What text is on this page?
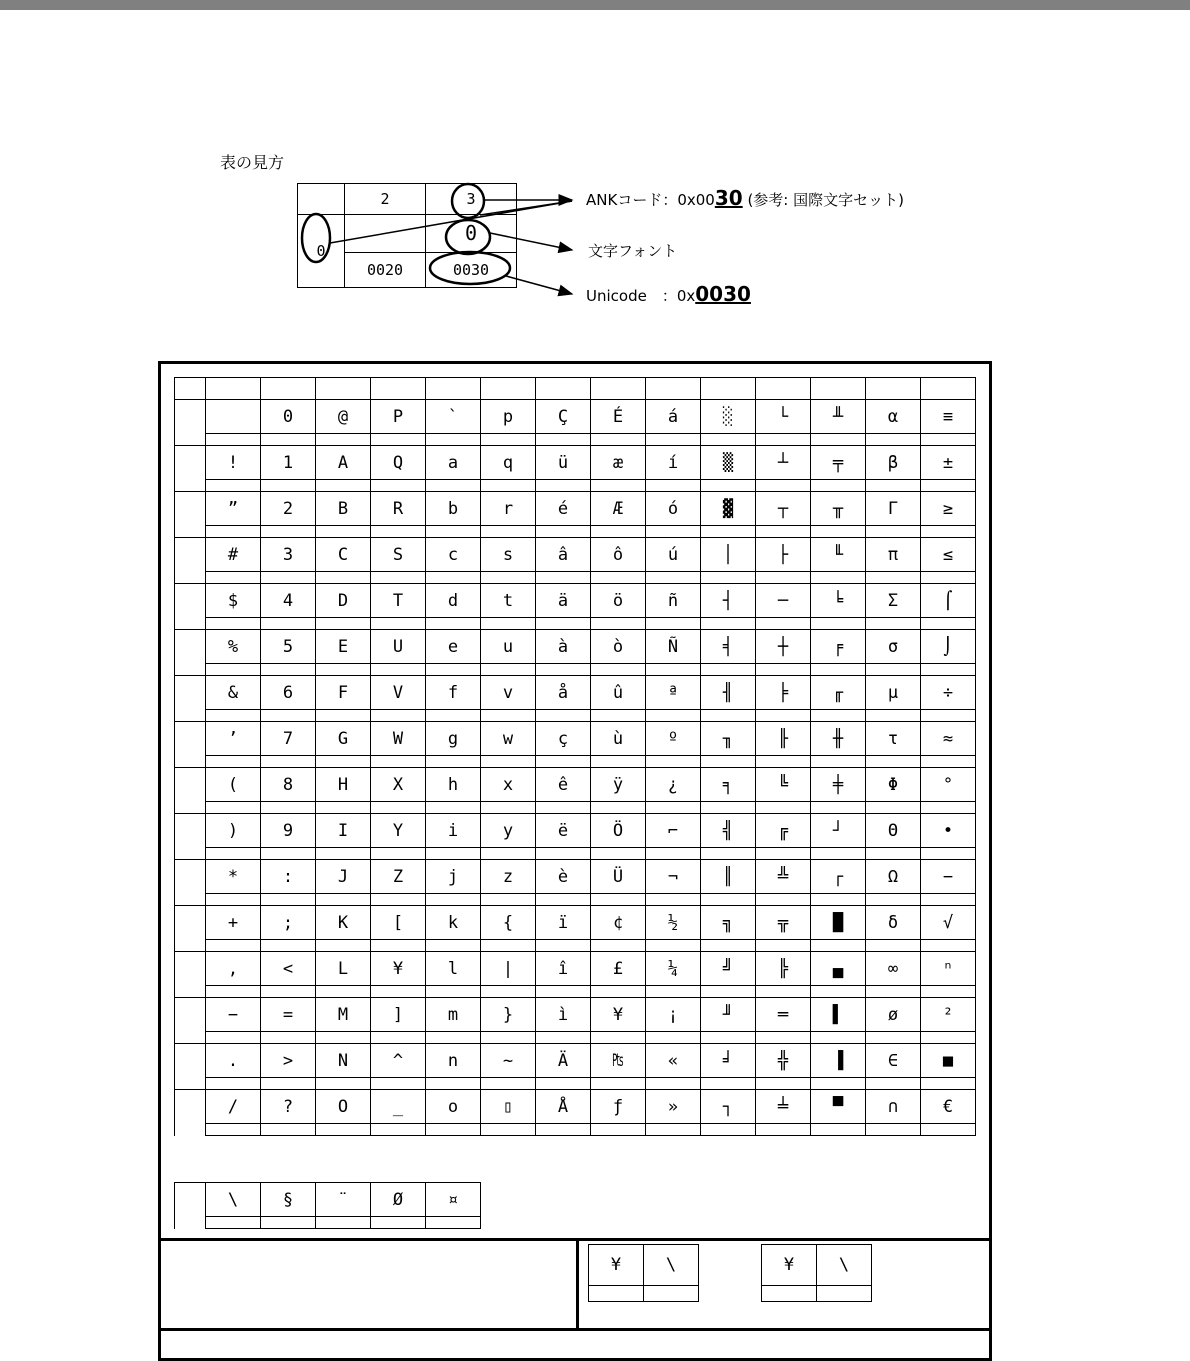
表の見方
	2	3
0		0
	0020	0030
ANKコード：0x0030 (参考: 国際文字セット)
文字フォント
Unicode　：0x0030

		0	@	P	`	p	Ç	É	á	░	└	╨	α	≡

	!	1	A	Q	a	q	ü	æ	í	▒	┴	╤	β	±

	”	2	B	R	b	r	é	Æ	ó	▓	┬	╥	Γ	≥

	#	3	C	S	c	s	â	ô	ú	│	├	╙	π	≤

	$	4	D	T	d	t	ä	ö	ñ	┤	─	╘	Σ	⌠

	%	5	E	U	e	u	à	ò	Ñ	╡	┼	╒	σ	⌡

	&	6	F	V	f	v	å	û	ª	╢	╞	╓	µ	÷

	’	7	G	W	g	w	ç	ù	º	╖	╟	╫	τ	≈

	(	8	H	X	h	x	ê	ÿ	¿	╕	╚	╪	Φ	°

	)	9	I	Y	i	y	ë	Ö	⌐	╣	╔	┘	Θ	•

	*	:	J	Z	j	z	è	Ü	¬	║	╩	┌	Ω	−

	+	;	K	[	k	{	ï	¢	½	╗	╦	█	δ	√

	,	<	L	¥	l	|	î	£	¼	╝	╠	▄	∞	ⁿ

	−	=	M	]	m	}	ì	¥	¡	╜	═	▌	ø	²

	.	>	N	^	n	~	Ä	₧	«	╛	╬	▐	∈	■

	/	?	O	_	o	▯	Å	ƒ	»	┐	╧	▀	∩	€

	\	§	¨	Ø	¤

¥	\
		¥	\
